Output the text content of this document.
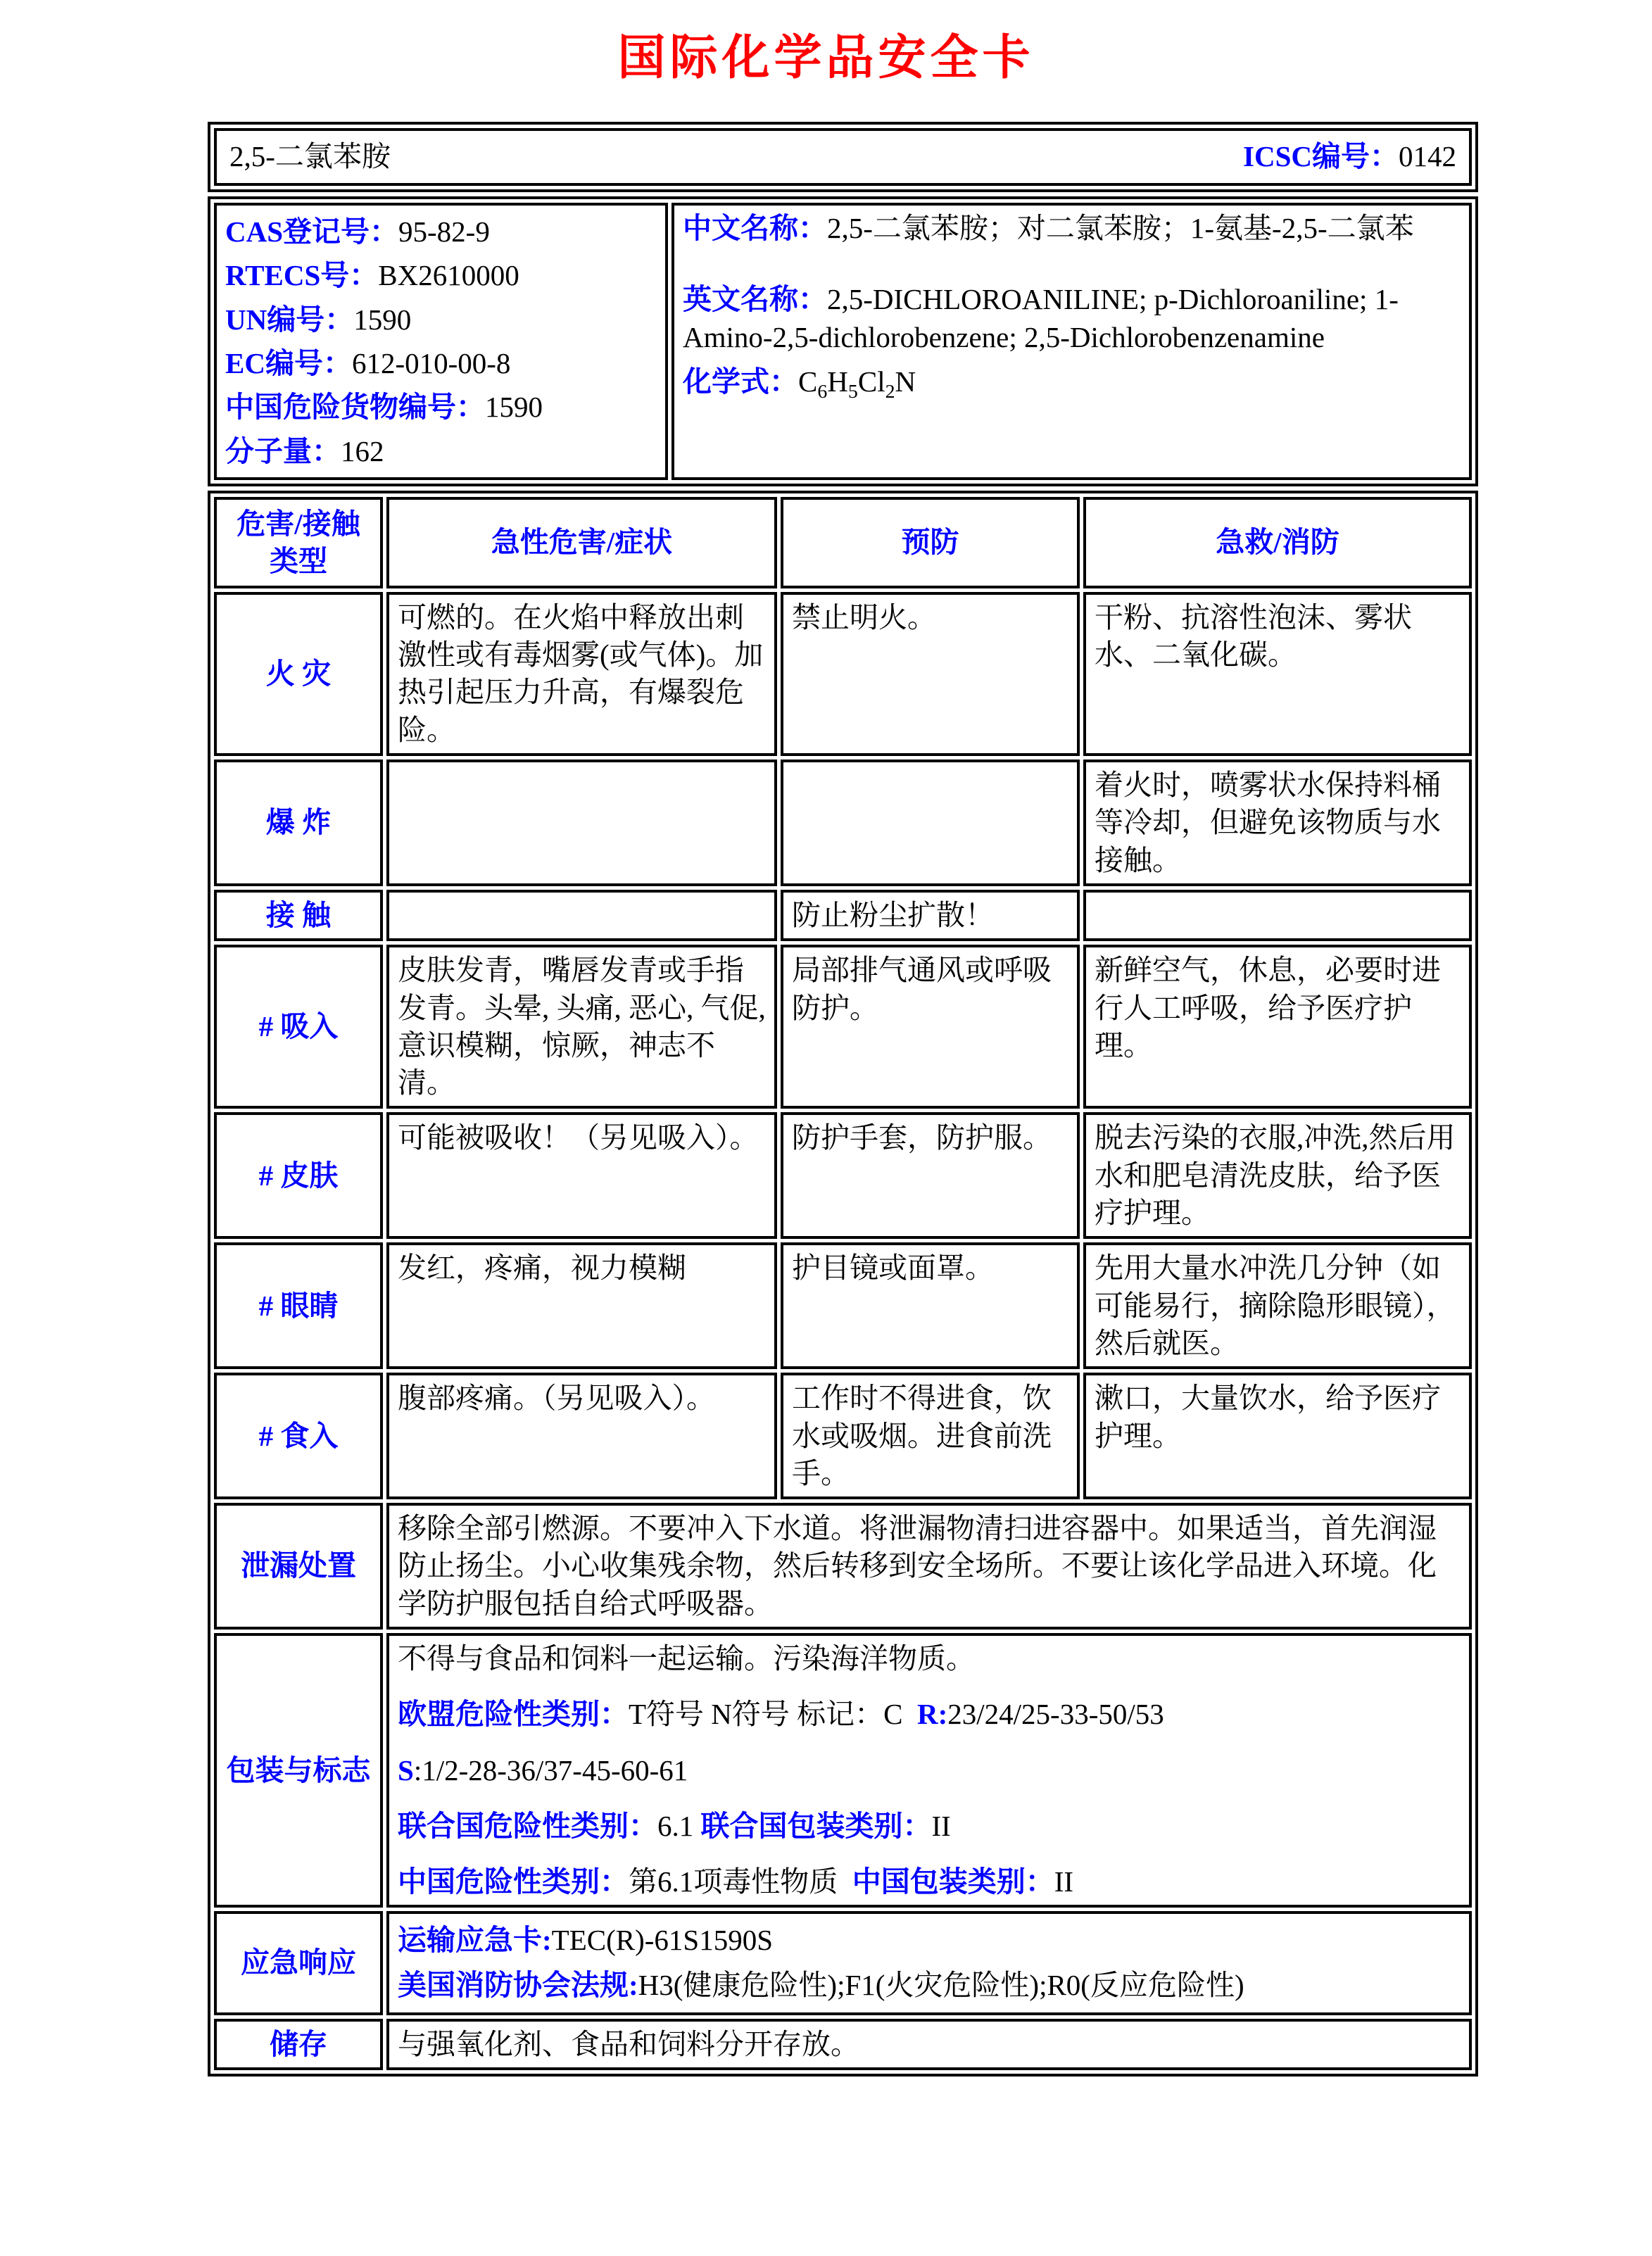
国际化学品安全卡
2,5-二氯苯胺	ICSC编号：0142
CAS登记号：95-82-9
RTECS号：BX2610000
UN编号：1590
EC编号：612-010-00-8
中国危险货物编号：1590
分子量：162

中文名称：2,5-二氯苯胺；对二氯苯胺；1-氨基-2,5-二氯苯
英文名称：2,5-DICHLOROANILINE; p-Dichloroaniline; 1-Amino-2,5-dichlorobenzene; 2,5-Dichlorobenzenamine
化学式：$C_6H_5Cl_2N$
危害/接触类型	急性危害/症状	预防	急救/消防
火 灾	可燃的。在火焰中释放出刺激性或有毒烟雾(或气体)。加热引起压力升高，有爆裂危险。	禁止明火。	干粉、抗溶性泡沫、雾状水、二氧化碳。
爆 炸			着火时，喷雾状水保持料桶等冷却，但避免该物质与水接触。
接 触		防止粉尘扩散！	
# 吸入	皮肤发青，嘴唇发青或手指发青。头晕, 头痛, 恶心, 气促, 意识模糊，惊厥，神志不清。	局部排气通风或呼吸防护。	新鲜空气，休息，必要时进行人工呼吸，给予医疗护理。
# 皮肤	可能被吸收！（另见吸入）。	防护手套，防护服。	脱去污染的衣服,冲洗,然后用水和肥皂清洗皮肤，给予医疗护理。
# 眼睛	发红，疼痛，视力模糊	护目镜或面罩。	先用大量水冲洗几分钟（如可能易行，摘除隐形眼镜），然后就医。
# 食入	腹部疼痛。（另见吸入）。	工作时不得进食，饮水或吸烟。进食前洗手。	漱口，大量饮水，给予医疗护理。
泄漏处置	移除全部引燃源。不要冲入下水道。将泄漏物清扫进容器中。如果适当，首先润湿防止扬尘。小心收集残余物，然后转移到安全场所。不要让该化学品进入环境。化学防护服包括自给式呼吸器。		
包装与标志	不得与食品和饲料一起运输。污染海洋物质。
欧盟危险性类别：T符号 N符号 标记：C R:23/24/25-33-50/53
S:1/2-28-36/37-45-60-61
联合国危险性类别：6.1 联合国包装类别：II
中国危险性类别：第6.1项毒性物质 中国包装类别：II		

应急响应	运输应急卡:TEC(R)-61S1590S
美国消防协会法规:H3(健康危险性);F1(火灾危险性);R0(反应危险性)		

储存	与强氧化剂、食品和饲料分开存放。		
